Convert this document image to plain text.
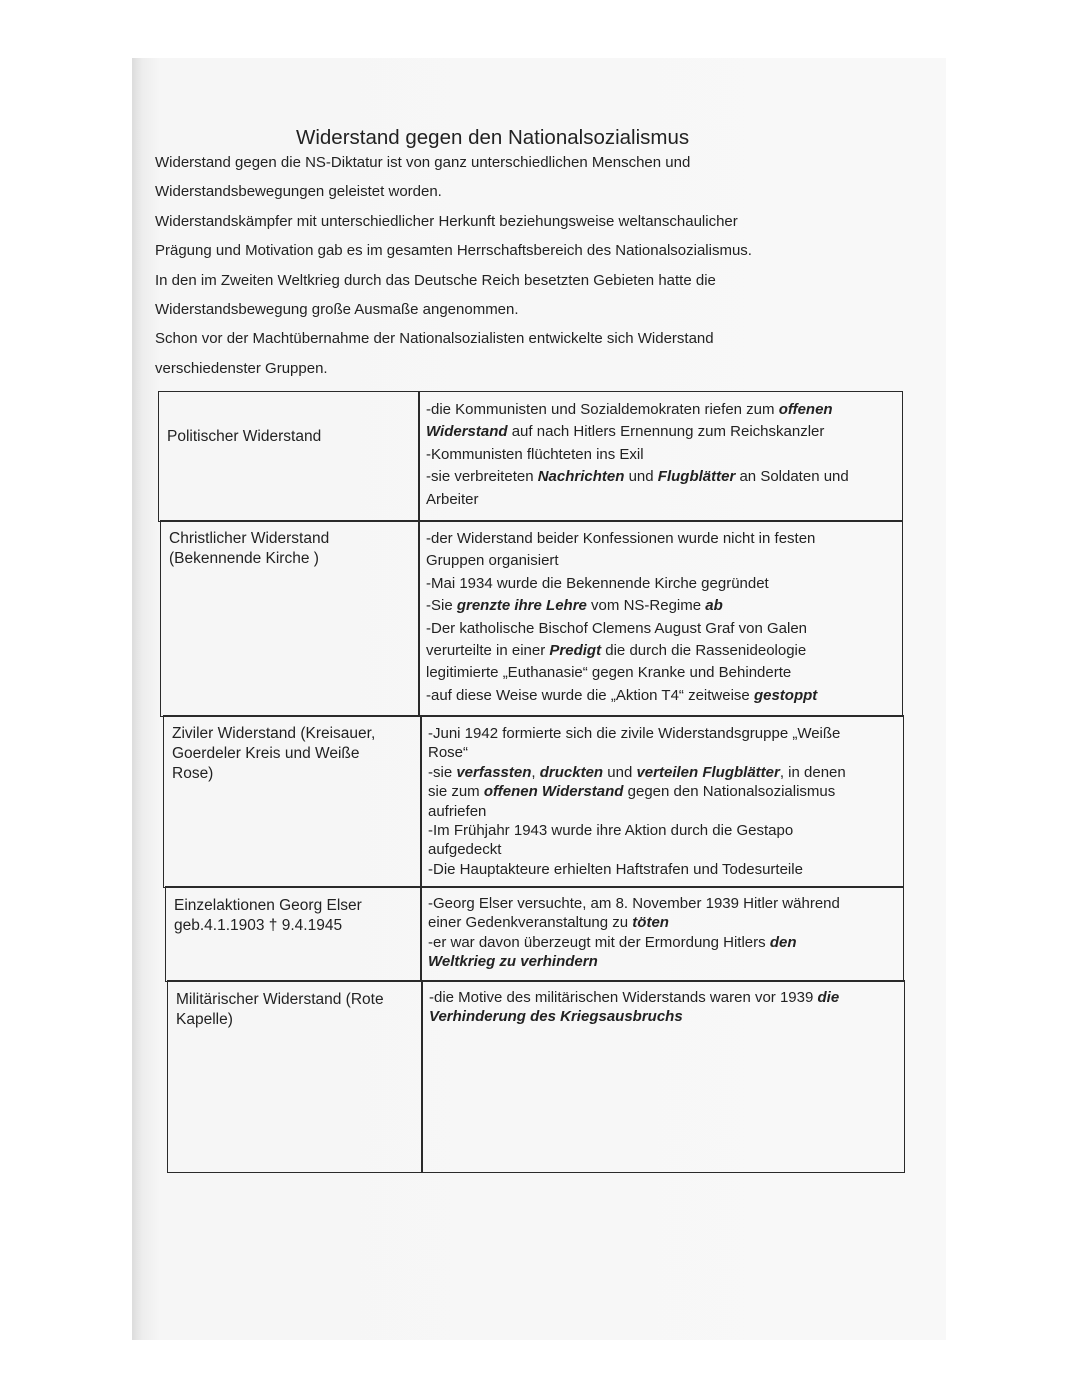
Widerstand gegen den Nationalsozialismus
Widerstand gegen die NS-Diktatur ist von ganz unterschiedlichen Menschen und
Widerstandsbewegungen geleistet worden.
Widerstandskämpfer mit unterschiedlicher Herkunft beziehungsweise weltanschaulicher
Prägung und Motivation gab es im gesamten Herrschaftsbereich des Nationalsozialismus.
In den im Zweiten Weltkrieg durch das Deutsche Reich besetzten Gebieten hatte die
Widerstandsbewegung große Ausmaße angenommen.
Schon vor der Machtübernahme der Nationalsozialisten entwickelte sich Widerstand
verschiedenster Gruppen.
Politischer Widerstand
-die Kommunisten und Sozialdemokraten riefen zum offenen
Widerstand auf nach Hitlers Ernennung zum Reichskanzler
-Kommunisten flüchteten ins Exil
-sie verbreiteten Nachrichten und Flugblätter an Soldaten und
Arbeiter
Christlicher Widerstand
(Bekennende Kirche )
-der Widerstand beider Konfessionen wurde nicht in festen
Gruppen organisiert
-Mai 1934 wurde die Bekennende Kirche gegründet
-Sie grenzte ihre Lehre vom NS-Regime ab
-Der katholische Bischof Clemens August Graf von Galen
verurteilte in einer Predigt die durch die Rassenideologie
legitimierte „Euthanasie“ gegen Kranke und Behinderte
-auf diese Weise wurde die „Aktion T4“ zeitweise gestoppt
Ziviler Widerstand (Kreisauer,
Goerdeler Kreis und Weiße
Rose)
-Juni 1942 formierte sich die zivile Widerstandsgruppe „Weiße
Rose“
-sie verfassten, druckten und verteilen Flugblätter, in denen
sie zum offenen Widerstand gegen den Nationalsozialismus
aufriefen
-Im Frühjahr 1943 wurde ihre Aktion durch die Gestapo
aufgedeckt
-Die Hauptakteure erhielten Haftstrafen und Todesurteile
Einzelaktionen Georg Elser
geb.4.1.1903 † 9.4.1945
-Georg Elser versuchte, am 8. November 1939 Hitler während
einer Gedenkveranstaltung zu töten
-er war davon überzeugt mit der Ermordung Hitlers den
Weltkrieg zu verhindern
Militärischer Widerstand (Rote
Kapelle)
-die Motive des militärischen Widerstands waren vor 1939 die
Verhinderung des Kriegsausbruchs
